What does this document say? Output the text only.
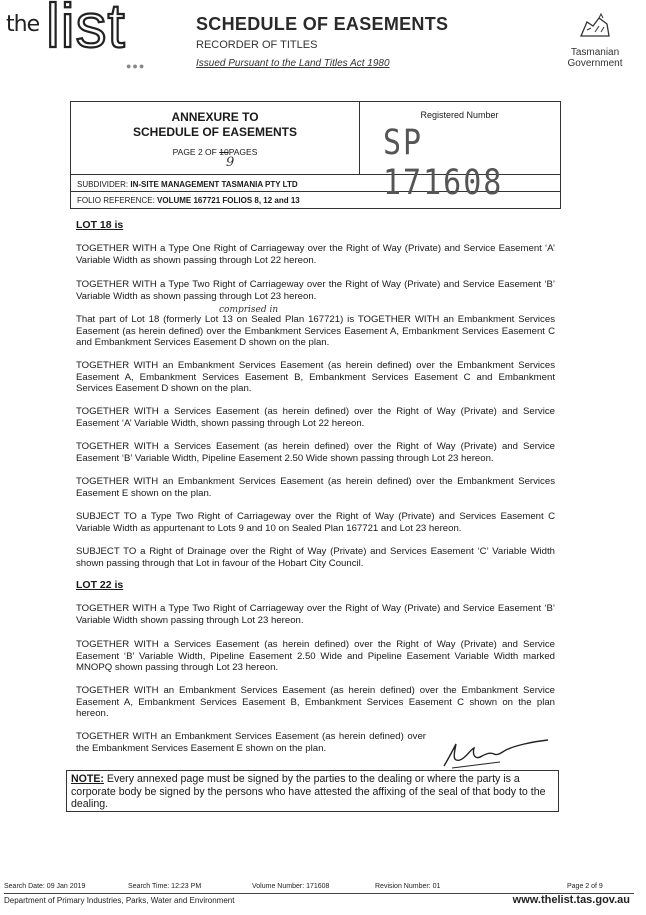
the list
●●●
SCHEDULE OF EASEMENTS
RECORDER OF TITLES
Issued Pursuant to the Land Titles Act 1980
Tasmanian
Government
ANNEXURE TO
SCHEDULE OF EASEMENTS
PAGE 2 OF 10PAGES
9
Registered Number
SP 171608
SUBDIVIDER: IN-SITE MANAGEMENT TASMANIA PTY LTD
FOLIO REFERENCE: VOLUME 167721 FOLIOS 8, 12 and 13
LOT 18 is
TOGETHER WITH a Type One Right of Carriageway over the Right of Way (Private) and Service Easement ‘A’ Variable Width as shown passing through Lot 22 hereon.
TOGETHER WITH a Type Two Right of Carriageway over the Right of Way (Private) and Service Easement ‘B’ Variable Width as shown passing through Lot 23 hereon.
comprised in
That part of Lot 18 (formerly Lot 13 on Sealed Plan 167721) is TOGETHER WITH an Embankment Services Easement (as herein defined) over the Embankment Services Easement A, Embankment Services Easement C and Embankment Services Easement D shown on the plan.
TOGETHER WITH an Embankment Services Easement (as herein defined) over the Embankment Services Easement A, Embankment Services Easement B, Embankment Services Easement C and Embankment Services Easement D shown on the plan.
TOGETHER WITH a Services Easement (as herein defined) over the Right of Way (Private) and Service Easement ‘A’ Variable Width, shown passing through Lot 22 hereon.
TOGETHER WITH a Services Easement (as herein defined) over the Right of Way (Private) and Service Easement ‘B’ Variable Width, Pipeline Easement 2.50 Wide shown passing through Lot 23 hereon.
TOGETHER WITH an Embankment Services Easement (as herein defined) over the Embankment Services Easement E shown on the plan.
SUBJECT TO a Type Two Right of Carriageway over the Right of Way (Private) and Services Easement C Variable Width as appurtenant to Lots 9 and 10 on Sealed Plan 167721 and Lot 23 hereon.
SUBJECT TO a Right of Drainage over the Right of Way (Private) and Services Easement ‘C’ Variable Width shown passing through that Lot in favour of the Hobart City Council.
LOT 22 is
TOGETHER WITH a Type Two Right of Carriageway over the Right of Way (Private) and Service Easement ‘B’ Variable Width shown passing through Lot 23 hereon.
TOGETHER WITH a Services Easement (as herein defined) over the Right of Way (Private) and Service Easement ‘B’ Variable Width, Pipeline Easement 2.50 Wide and Pipeline Easement Variable Width marked MNOPQ shown passing through Lot 23 hereon.
TOGETHER WITH an Embankment Services Easement (as herein defined) over the Embankment Service Easement A, Embankment Services Easement B, Embankment Services Easement C shown on the plan hereon.
TOGETHER WITH an Embankment Services Easement (as herein defined) over the Embankment Services Easement E shown on the plan.
NOTE: Every annexed page must be signed by the parties to the dealing or where the party is a corporate body be signed by the persons who have attested the affixing of the seal of that body to the dealing.
Search Date: 09 Jan 2019	Search Time: 12:23 PM	Volume Number: 171608	Revision Number: 01	Page 2 of 9
Department of Primary Industries, Parks, Water and Environment	www.thelist.tas.gov.au
